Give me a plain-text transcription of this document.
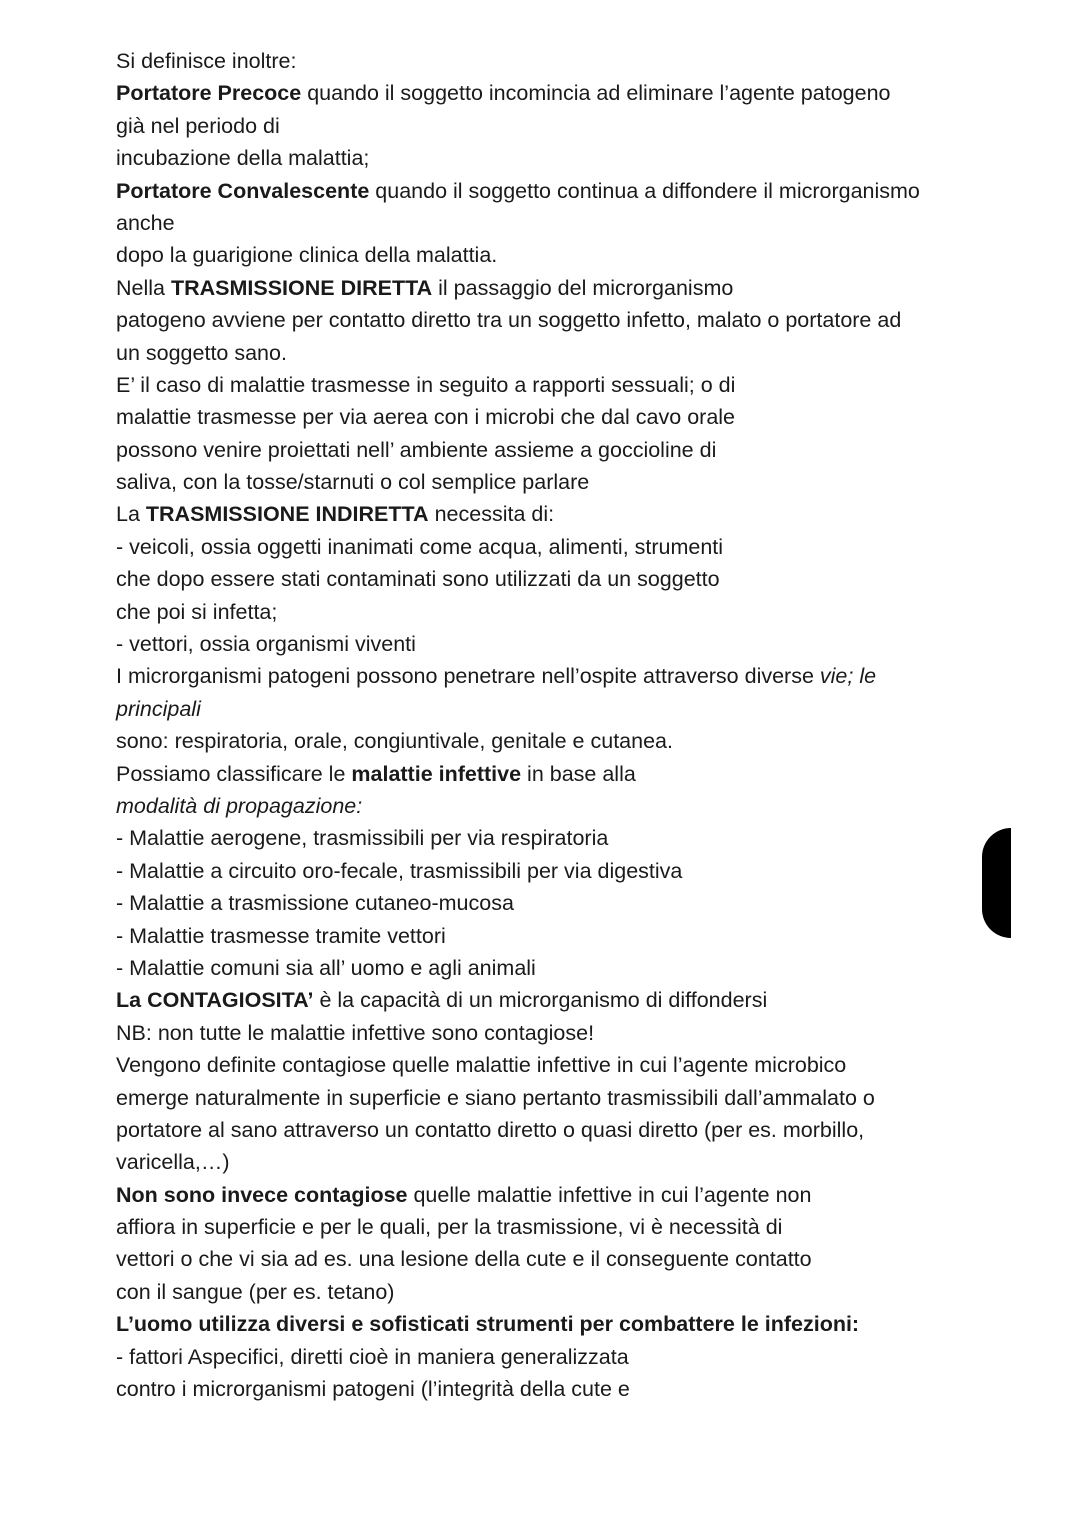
Si definisce inoltre:
Portatore Precoce quando il soggetto incomincia ad eliminare l’agente patogeno
già nel periodo di
incubazione della malattia;
Portatore Convalescente quando il soggetto continua a diffondere il microrganismo
anche
dopo la guarigione clinica della malattia.
Nella TRASMISSIONE DIRETTA il passaggio del microrganismo
patogeno avviene per contatto diretto tra un soggetto infetto, malato o portatore ad
un soggetto sano.
E’ il caso di malattie trasmesse in seguito a rapporti sessuali; o di
malattie trasmesse per via aerea con i microbi che dal cavo orale
possono venire proiettati nell’ ambiente assieme a goccioline di
saliva, con la tosse/starnuti o col semplice parlare
La TRASMISSIONE INDIRETTA necessita di:
- veicoli, ossia oggetti inanimati come acqua, alimenti, strumenti
che dopo essere stati contaminati sono utilizzati da un soggetto
che poi si infetta;
- vettori, ossia organismi viventi
I microrganismi patogeni possono penetrare nell’ospite attraverso diverse vie; le
principali
sono: respiratoria, orale, congiuntivale, genitale e cutanea.
Possiamo classificare le malattie infettive in base alla
modalità di propagazione:
- Malattie aerogene, trasmissibili per via respiratoria
- Malattie a circuito oro-fecale, trasmissibili per via digestiva
- Malattie a trasmissione cutaneo-mucosa
- Malattie trasmesse tramite vettori
- Malattie comuni sia all’ uomo e agli animali
La CONTAGIOSITA’ è la capacità di un microrganismo di diffondersi
NB: non tutte le malattie infettive sono contagiose!
Vengono definite contagiose quelle malattie infettive in cui l’agente microbico
emerge naturalmente in superficie e siano pertanto trasmissibili dall’ammalato o
portatore al sano attraverso un contatto diretto o quasi diretto (per es. morbillo,
varicella,…)
Non sono invece contagiose quelle malattie infettive in cui l’agente non
affiora in superficie e per le quali, per la trasmissione, vi è necessità di
vettori o che vi sia ad es. una lesione della cute e il conseguente contatto
con il sangue (per es. tetano)
L’uomo utilizza diversi e sofisticati strumenti per combattere le infezioni:
- fattori Aspecifici, diretti cioè in maniera generalizzata
contro i microrganismi patogeni (l’integrità della cute e
